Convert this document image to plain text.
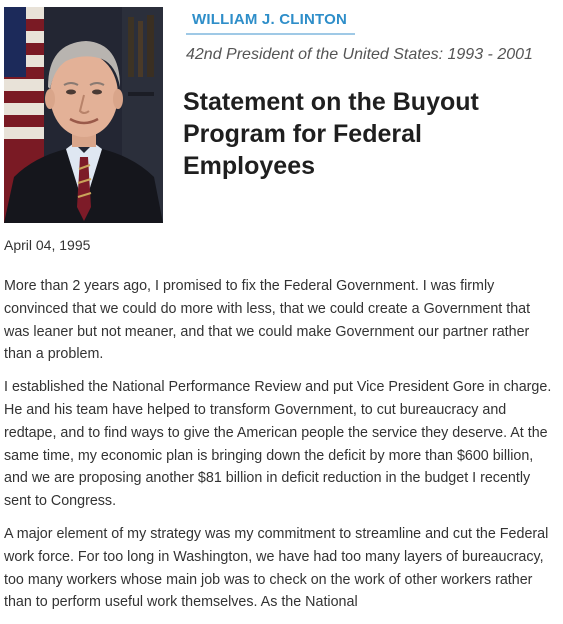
WILLIAM J. CLINTON
42nd President of the United States: 1993 - 2001
Statement on the Buyout Program for Federal Employees
April 04, 1995

More than 2 years ago, I promised to fix the Federal Government. I was firmly convinced that we could do more with less, that we could create a Government that was leaner but not meaner, and that we could make Government our partner rather than a problem.

I established the National Performance Review and put Vice President Gore in charge. He and his team have helped to transform Government, to cut bureaucracy and redtape, and to find ways to give the American people the service they deserve. At the same time, my economic plan is bringing down the deficit by more than $600 billion, and we are proposing another $81 billion in deficit reduction in the budget I recently sent to Congress.

A major element of my strategy was my commitment to streamline and cut the Federal work force. For too long in Washington, we have had too many layers of bureaucracy, too many workers whose main job was to check on the work of other workers rather than to perform useful work themselves. As the National
